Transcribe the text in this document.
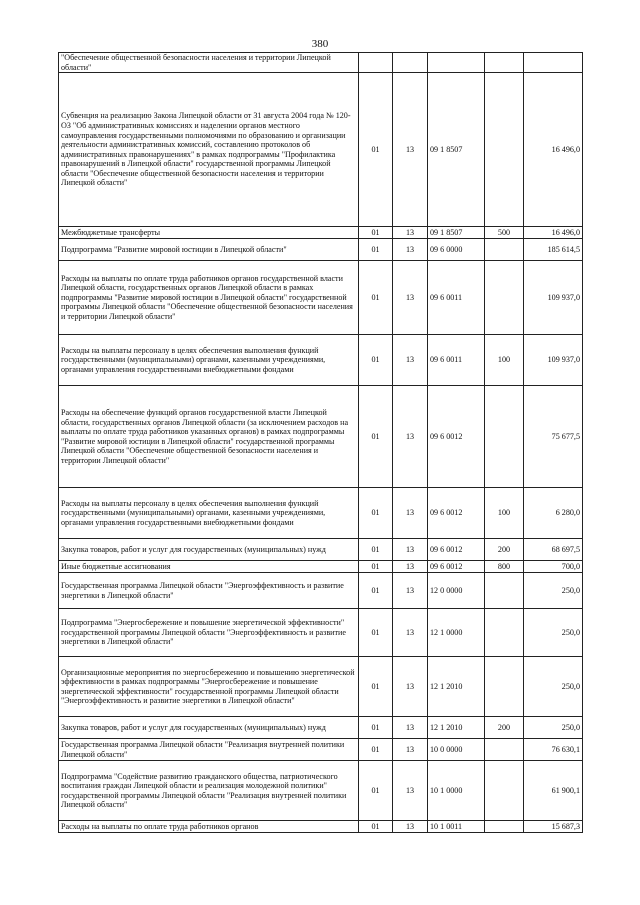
380
"Обеспечение общественной безопасности населения и территории Липецкой области"					
Субвенция на реализацию Закона Липецкой области от 31 августа 2004 года № 120-ОЗ "Об административных комиссиях и наделении органов местного самоуправления государственными полномочиями по образованию и организации деятельности административных комиссий, составлению протоколов об административных правонарушениях" в рамках подпрограммы "Профилактика правонарушений в Липецкой области" государственной программы Липецкой области "Обеспечение общественной безопасности населения и территории Липецкой области"	01	13	09 1 8507		16 496,0
Межбюджетные трансферты	01	13	09 1 8507	500	16 496,0
Подпрограмма "Развитие мировой юстиции в Липецкой области"	01	13	09 6 0000		185 614,5
Расходы на выплаты по оплате труда работников органов государственной власти Липецкой области, государственных органов Липецкой области в рамках подпрограммы "Развитие мировой юстиции в Липецкой области" государственной программы Липецкой области "Обеспечение общественной безопасности населения и территории Липецкой области"	01	13	09 6 0011		109 937,0
Расходы на выплаты персоналу в целях обеспечения выполнения функций государственными (муниципальными) органами, казенными учреждениями, органами управления государственными внебюджетными фондами	01	13	09 6 0011	100	109 937,0
Расходы на обеспечение функций органов государственной власти Липецкой области, государственных органов Липецкой области (за исключением расходов на выплаты по оплате труда работников указанных органов) в рамках подпрограммы "Развитие мировой юстиции в Липецкой области" государственной программы Липецкой области "Обеспечение общественной безопасности населения и территории Липецкой области"	01	13	09 6 0012		75 677,5
Расходы на выплаты персоналу в целях обеспечения выполнения функций государственными (муниципальными) органами, казенными учреждениями, органами управления государственными внебюджетными фондами	01	13	09 6 0012	100	6 280,0
Закупка товаров, работ и услуг для государственных (муниципальных) нужд	01	13	09 6 0012	200	68 697,5
Иные бюджетные ассигнования	01	13	09 6 0012	800	700,0
Государственная программа Липецкой области "Энергоэффективность и развитие энергетики в Липецкой области"	01	13	12 0 0000		250,0
Подпрограмма "Энергосбережение и повышение энергетической эффективности" государственной программы Липецкой области "Энергоэффективность и развитие энергетики в Липецкой области"	01	13	12 1 0000		250,0
Организационные мероприятия по энергосбережению и повышению энергетической эффективности в рамках подпрограммы "Энергосбережение и повышение энергетической эффективности" государственной программы Липецкой области "Энергоэффективность и развитие энергетики в Липецкой области"	01	13	12 1 2010		250,0
Закупка товаров, работ и услуг для государственных (муниципальных) нужд	01	13	12 1 2010	200	250,0
Государственная программа Липецкой области "Реализация внутренней политики Липецкой области"	01	13	10 0 0000		76 630,1
Подпрограмма "Содействие развитию гражданского общества, патриотического воспитания граждан Липецкой области и реализация молодежной политики" государственной программы Липецкой области "Реализация внутренней политики Липецкой области"	01	13	10 1 0000		61 900,1
Расходы на выплаты по оплате труда работников органов	01	13	10 1 0011		15 687,3
